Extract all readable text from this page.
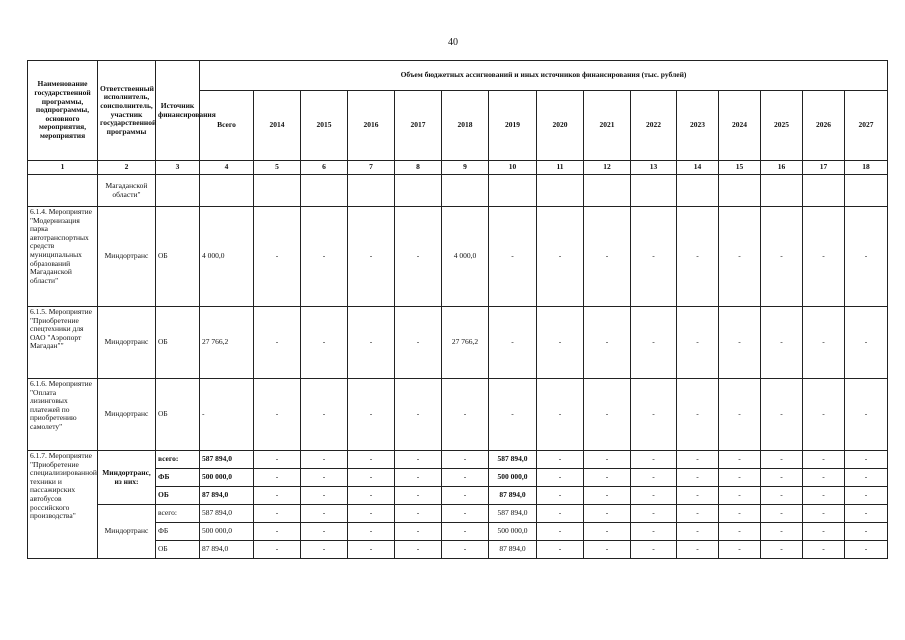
40
Наименование государственной программы, подпрограммы, основного мероприятия, мероприятия	Ответственный исполнитель, соисполнитель, участник государственной программы	Источник финансирования	Объем бюджетных ассигнований и иных источников финансирования (тыс. рублей)														
			Всего	2014	2015	2016	2017	2018	2019	2020	2021	2022	2023	2024	2025	2026	2027
1	2	3	4	5	6	7	8	9	10	11	12	13	14	15	16	17	18
	Магаданской области"																
6.1.4. Мероприятие "Модернизация парка автотранспортных средств муниципальных образований Магаданской области"	Миндортранс	ОБ	4 000,0	-	-	-	-	4 000,0	-	-	-	-	-	-	-	-	-
6.1.5. Мероприятие "Приобретение спецтехники для ОАО "Аэропорт Магадан""	Миндортранс	ОБ	27 766,2	-	-	-	-	27 766,2	-	-	-	-	-	-	-	-	-
6.1.6. Мероприятие "Оплата лизинговых платежей по приобретению самолету"	Миндортранс	ОБ	-	-	-	-	-	-	-	-	-	-	-	-	-	-	-
6.1.7. Мероприятие "Приобретение специализированной техники и пассажирских автобусов российского производства"	Миндортранс, из них:	всего:	587 894,0	-	-	-	-	-	587 894,0	-	-	-	-	-	-	-	-
		ФБ	500 000,0	-	-	-	-	-	500 000,0	-	-	-	-	-	-	-	-
		ОБ	87 894,0	-	-	-	-	-	87 894,0	-	-	-	-	-	-	-	-
	Миндортранс	всего:	587 894,0	-	-	-	-	-	587 894,0	-	-	-	-	-	-	-	-
		ФБ	500 000,0	-	-	-	-	-	500 000,0	-	-	-	-	-	-	-	-
		ОБ	87 894,0	-	-	-	-	-	87 894,0	-	-	-	-	-	-	-	-
